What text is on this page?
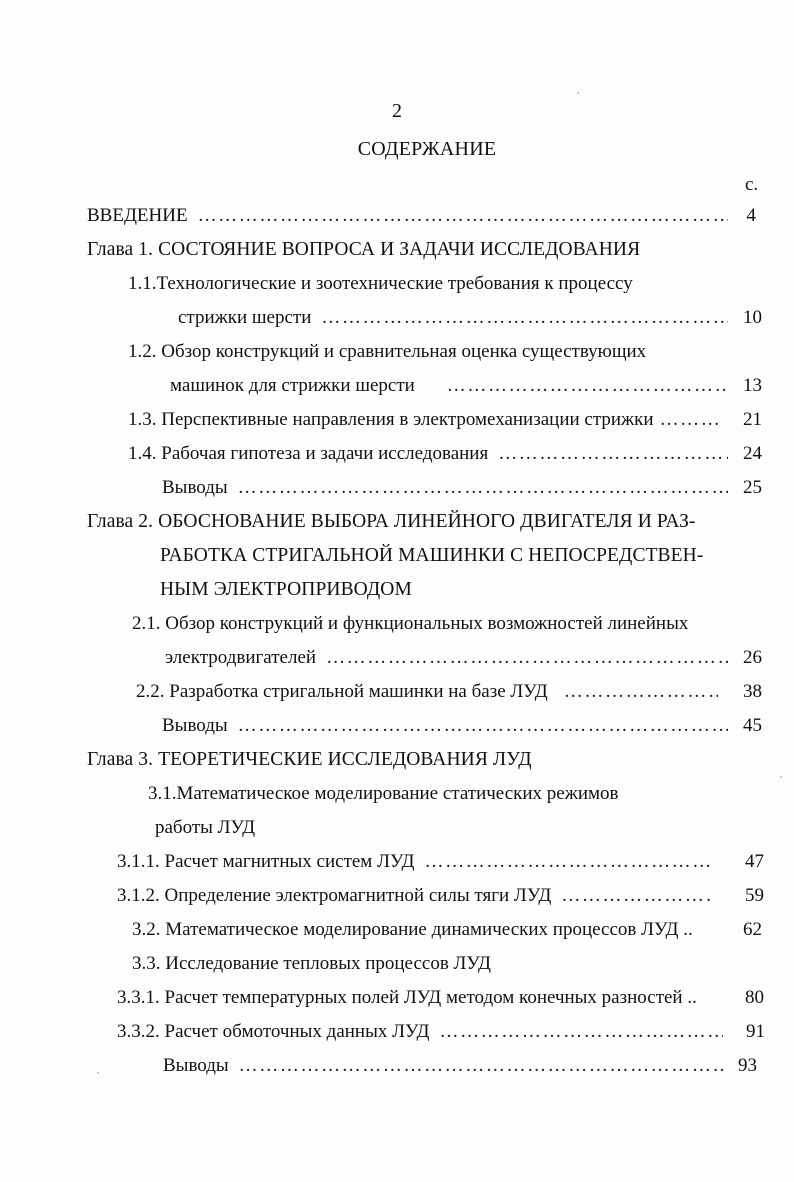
2
СОДЕРЖАНИЕ
с.
ВВЕДЕНИЕ …………………………………………………………………………………………………………………………………………	4
Глава 1. СОСТОЯНИЕ ВОПРОСА И ЗАДАЧИ ИССЛЕДОВАНИЯ
1.1.Технологические и зоотехнические требования к процессу
стрижки шерсти …………………………………………………………………………………………………………………………………………	10
1.2. Обзор конструкций и сравнительная оценка существующих
машинок для стрижки шерсти …………………………………………………………………………………………………………………………………………	13
1.3. Перспективные направления в электромеханизации стрижки …………………………………………………………………………………………………………………………………………	21
1.4. Рабочая гипотеза и задачи исследования …………………………………………………………………………………………………………………………………………	24
Выводы …………………………………………………………………………………………………………………………………………	25
Глава 2. ОБОСНОВАНИЕ ВЫБОРА ЛИНЕЙНОГО ДВИГАТЕЛЯ И РАЗ-
РАБОТКА СТРИГАЛЬНОЙ МАШИНКИ С НЕПОСРЕДСТВЕН-
НЫМ ЭЛЕКТРОПРИВОДОМ
2.1. Обзор конструкций и функциональных возможностей линейных
электродвигателей …………………………………………………………………………………………………………………………………………	26
2.2. Разработка стригальной машинки на базе ЛУД …………………………………………………………………………………………………………………………………………	38
Выводы …………………………………………………………………………………………………………………………………………	45
Глава 3. ТЕОРЕТИЧЕСКИЕ ИССЛЕДОВАНИЯ ЛУД
3.1.Математическое моделирование статических режимов
работы ЛУД
3.1.1. Расчет магнитных систем ЛУД …………………………………………………………………………………………………………………………………………	47
3.1.2. Определение электромагнитной силы тяги ЛУД …………………………………………………………………………………………………………………………………………	59
3.2. Математическое моделирование динамических процессов ЛУД ..	62
3.3. Исследование тепловых процессов ЛУД
3.3.1. Расчет температурных полей ЛУД методом конечных разностей ..	80
3.3.2. Расчет обмоточных данных ЛУД …………………………………………………………………………………………………………………………………………	91
Выводы …………………………………………………………………………………………………………………………………………	93
